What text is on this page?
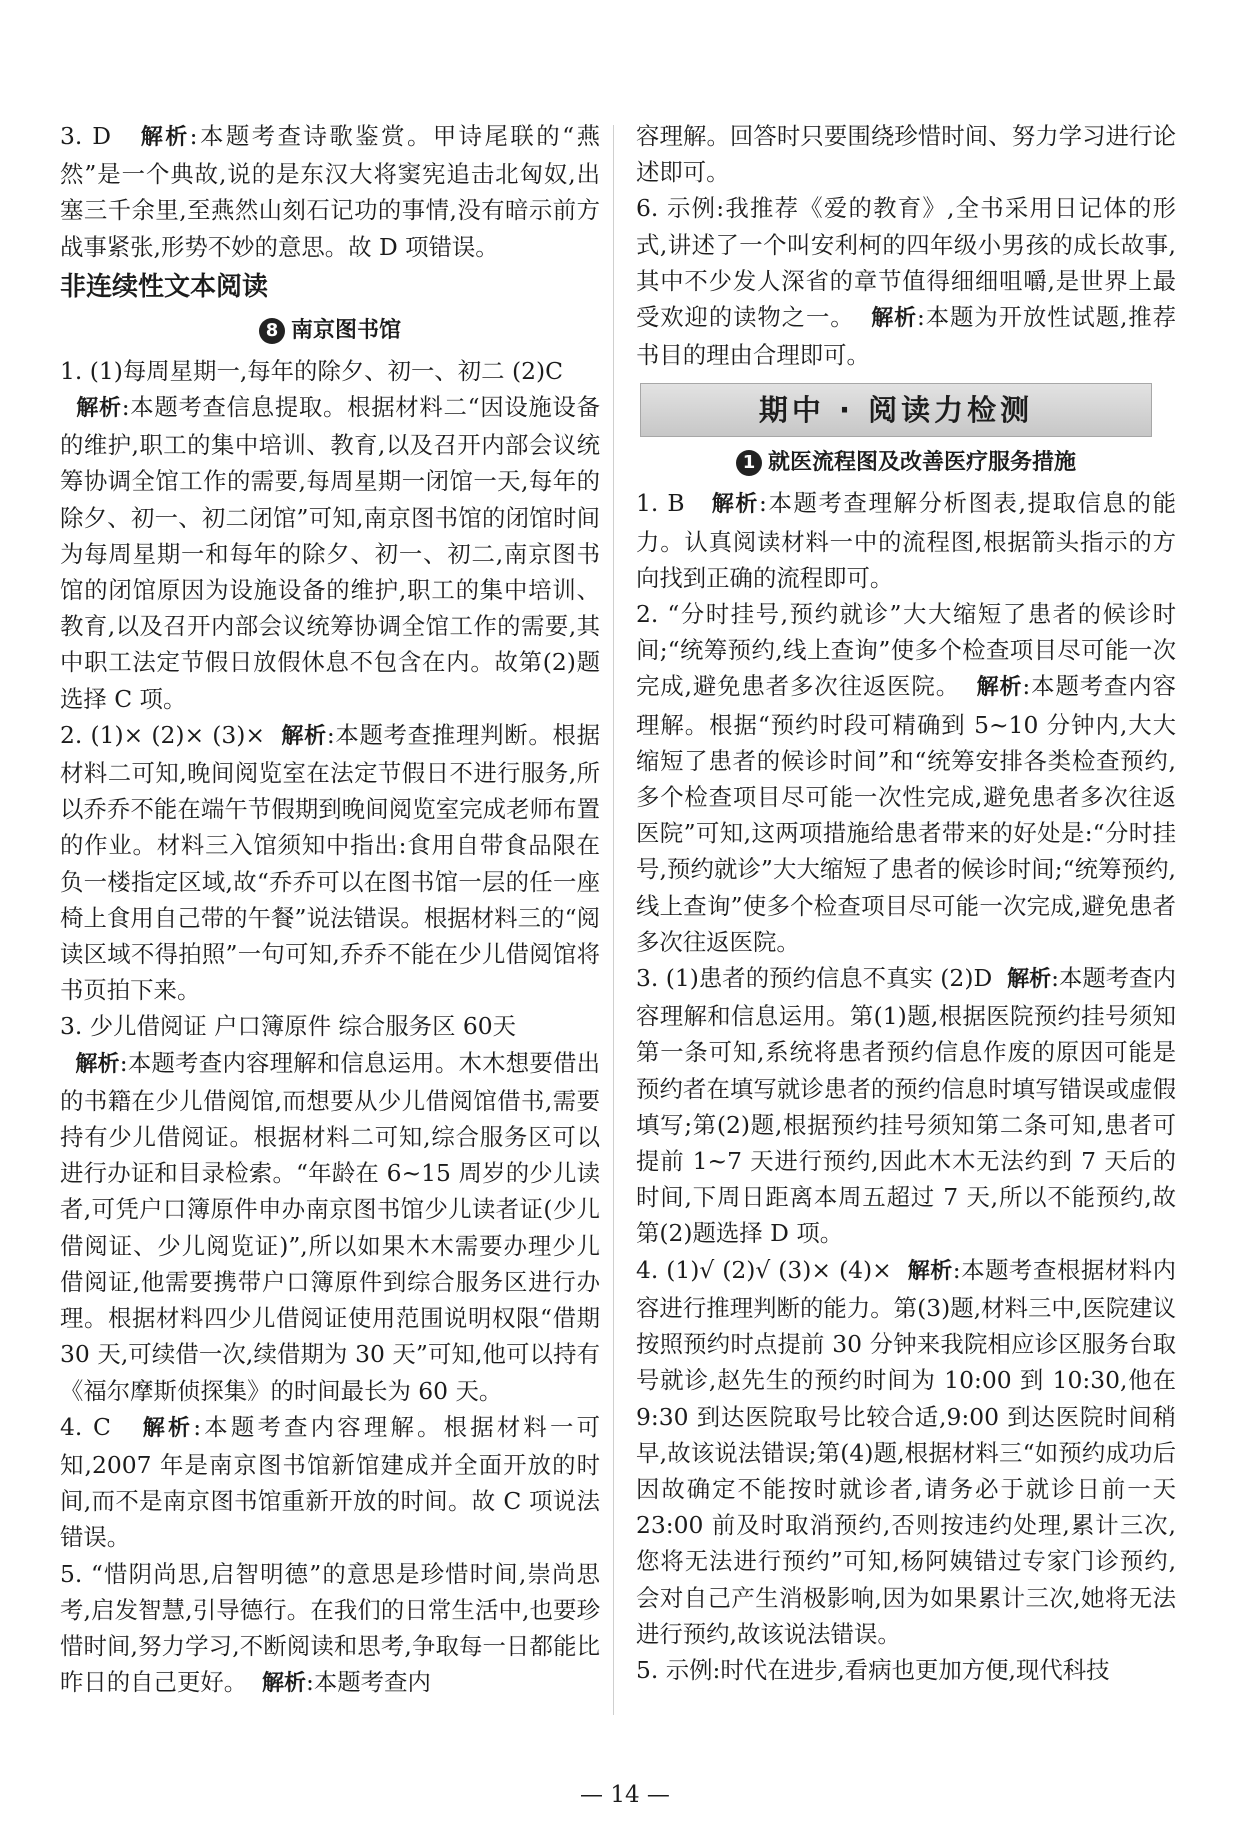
3. D 解析:本题考查诗歌鉴赏。甲诗尾联的“燕然”是一个典故,说的是东汉大将窦宪追击北匈奴,出塞三千余里,至燕然山刻石记功的事情,没有暗示前方战事紧张,形势不妙的意思。故 D 项错误。

非连续性文本阅读

8 南京图书馆

1. (1)每周星期一,每年的除夕、初一、初二 (2)C
解析:本题考查信息提取。根据材料二“因设施设备的维护,职工的集中培训、教育,以及召开内部会议统筹协调全馆工作的需要,每周星期一闭馆一天,每年的除夕、初一、初二闭馆”可知,南京图书馆的闭馆时间为每周星期一和每年的除夕、初一、初二,南京图书馆的闭馆原因为设施设备的维护,职工的集中培训、教育,以及召开内部会议统筹协调全馆工作的需要,其中职工法定节假日放假休息不包含在内。故第(2)题选择 C 项。

2. (1)× (2)× (3)×  解析:本题考查推理判断。根据材料二可知,晚间阅览室在法定节假日不进行服务,所以乔乔不能在端午节假期到晚间阅览室完成老师布置的作业。材料三入馆须知中指出:食用自带食品限在负一楼指定区域,故“乔乔可以在图书馆一层的任一座椅上食用自己带的午餐”说法错误。根据材料三的“阅读区域不得拍照”一句可知,乔乔不能在少儿借阅馆将书页拍下来。

3. 少儿借阅证 户口簿原件 综合服务区 60天
解析:本题考查内容理解和信息运用。木木想要借出的书籍在少儿借阅馆,而想要从少儿借阅馆借书,需要持有少儿借阅证。根据材料二可知,综合服务区可以进行办证和目录检索。“年龄在 6~15 周岁的少儿读者,可凭户口簿原件申办南京图书馆少儿读者证(少儿借阅证、少儿阅览证)”,所以如果木木需要办理少儿借阅证,他需要携带户口簿原件到综合服务区进行办理。根据材料四少儿借阅证使用范围说明权限“借期 30 天,可续借一次,续借期为 30 天”可知,他可以持有《福尔摩斯侦探集》的时间最长为 60 天。

4. C 解析:本题考查内容理解。根据材料一可知,2007 年是南京图书馆新馆建成并全面开放的时间,而不是南京图书馆重新开放的时间。故 C 项说法错误。

5. “惜阴尚思,启智明德”的意思是珍惜时间,崇尚思考,启发智慧,引导德行。在我们的日常生活中,也要珍惜时间,努力学习,不断阅读和思考,争取每一日都能比昨日的自己更好。  解析:本题考查内

容理解。回答时只要围绕珍惜时间、努力学习进行论述即可。

6. 示例:我推荐《爱的教育》,全书采用日记体的形式,讲述了一个叫安利柯的四年级小男孩的成长故事,其中不少发人深省的章节值得细细咀嚼,是世界上最受欢迎的读物之一。  解析:本题为开放性试题,推荐书目的理由合理即可。

期中 · 阅读力检测

1 就医流程图及改善医疗服务措施

1. B   解析:本题考查理解分析图表,提取信息的能力。认真阅读材料一中的流程图,根据箭头指示的方向找到正确的流程即可。

2. “分时挂号,预约就诊”大大缩短了患者的候诊时间;“统筹预约,线上查询”使多个检查项目尽可能一次完成,避免患者多次往返医院。  解析:本题考查内容理解。根据“预约时段可精确到 5~10 分钟内,大大缩短了患者的候诊时间”和“统筹安排各类检查预约,多个检查项目尽可能一次性完成,避免患者多次往返医院”可知,这两项措施给患者带来的好处是:“分时挂号,预约就诊”大大缩短了患者的候诊时间;“统筹预约,线上查询”使多个检查项目尽可能一次完成,避免患者多次往返医院。

3. (1)患者的预约信息不真实 (2)D  解析:本题考查内容理解和信息运用。第(1)题,根据医院预约挂号须知第一条可知,系统将患者预约信息作废的原因可能是预约者在填写就诊患者的预约信息时填写错误或虚假填写;第(2)题,根据预约挂号须知第二条可知,患者可提前 1~7 天进行预约,因此木木无法约到 7 天后的时间,下周日距离本周五超过 7 天,所以不能预约,故第(2)题选择 D 项。

4. (1)√ (2)√ (3)× (4)×  解析:本题考查根据材料内容进行推理判断的能力。第(3)题,材料三中,医院建议按照预约时点提前 30 分钟来我院相应诊区服务台取号就诊,赵先生的预约时间为 10:00 到 10:30,他在 9:30 到达医院取号比较合适,9:00 到达医院时间稍早,故该说法错误;第(4)题,根据材料三“如预约成功后因故确定不能按时就诊者,请务必于就诊日前一天 23:00 前及时取消预约,否则按违约处理,累计三次,您将无法进行预约”可知,杨阿姨错过专家门诊预约,会对自己产生消极影响,因为如果累计三次,她将无法进行预约,故该说法错误。

5. 示例:时代在进步,看病也更加方便,现代科技

— 14 —
